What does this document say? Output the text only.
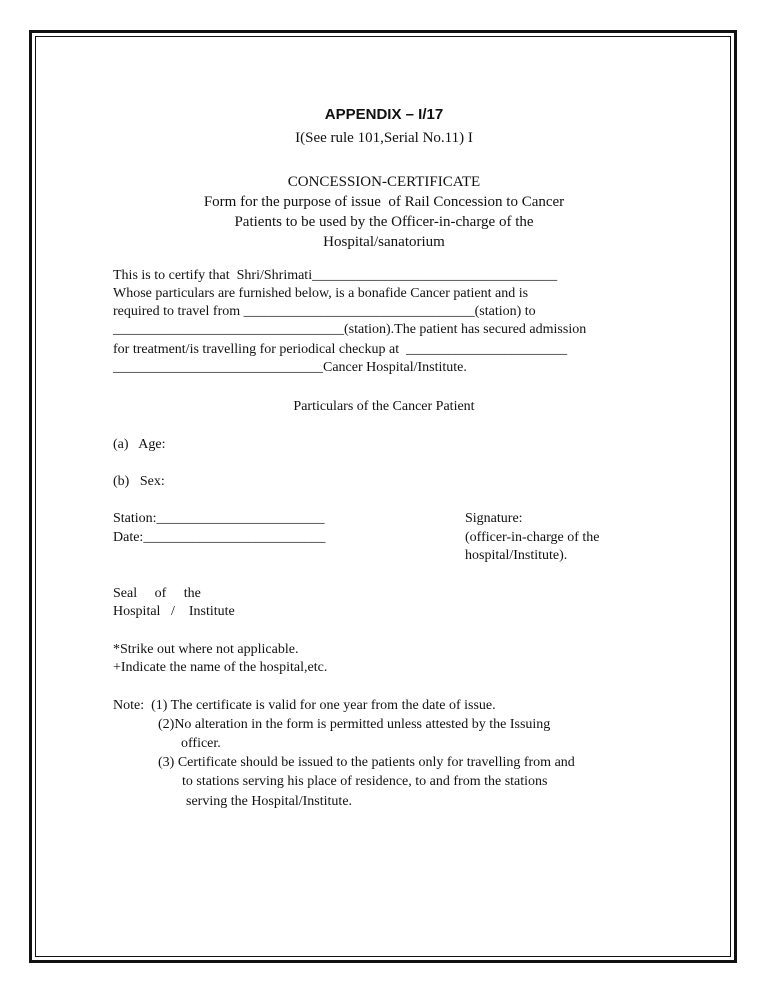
APPENDIX – I/17
I(See rule 101,Serial No.11) I
CONCESSION-CERTIFICATE
Form for the purpose of issue  of Rail Concession to Cancer
Patients to be used by the Officer-in-charge of the
Hospital/sanatorium
This is to certify that  Shri/Shrimati___________________________________
Whose particulars are furnished below, is a bonafide Cancer patient and is
required to travel from _________________________________(station) to
_________________________________(station).The patient has secured admission
for treatment/is travelling for periodical checkup at  _______________________
______________________________Cancer Hospital/Institute.
Particulars of the Cancer Patient
(a)   Age:
(b)   Sex:
Station:________________________
Date:__________________________
Signature:
(officer-in-charge of the
hospital/Institute).
Seal     of     the
Hospital   /    Institute
*Strike out where not applicable.
+Indicate the name of the hospital,etc.
Note:  (1) The certificate is valid for one year from the date of issue.
(2)No alteration in the form is permitted unless attested by the Issuing
officer.
(3) Certificate should be issued to the patients only for travelling from and
to stations serving his place of residence, to and from the stations
serving the Hospital/Institute.
